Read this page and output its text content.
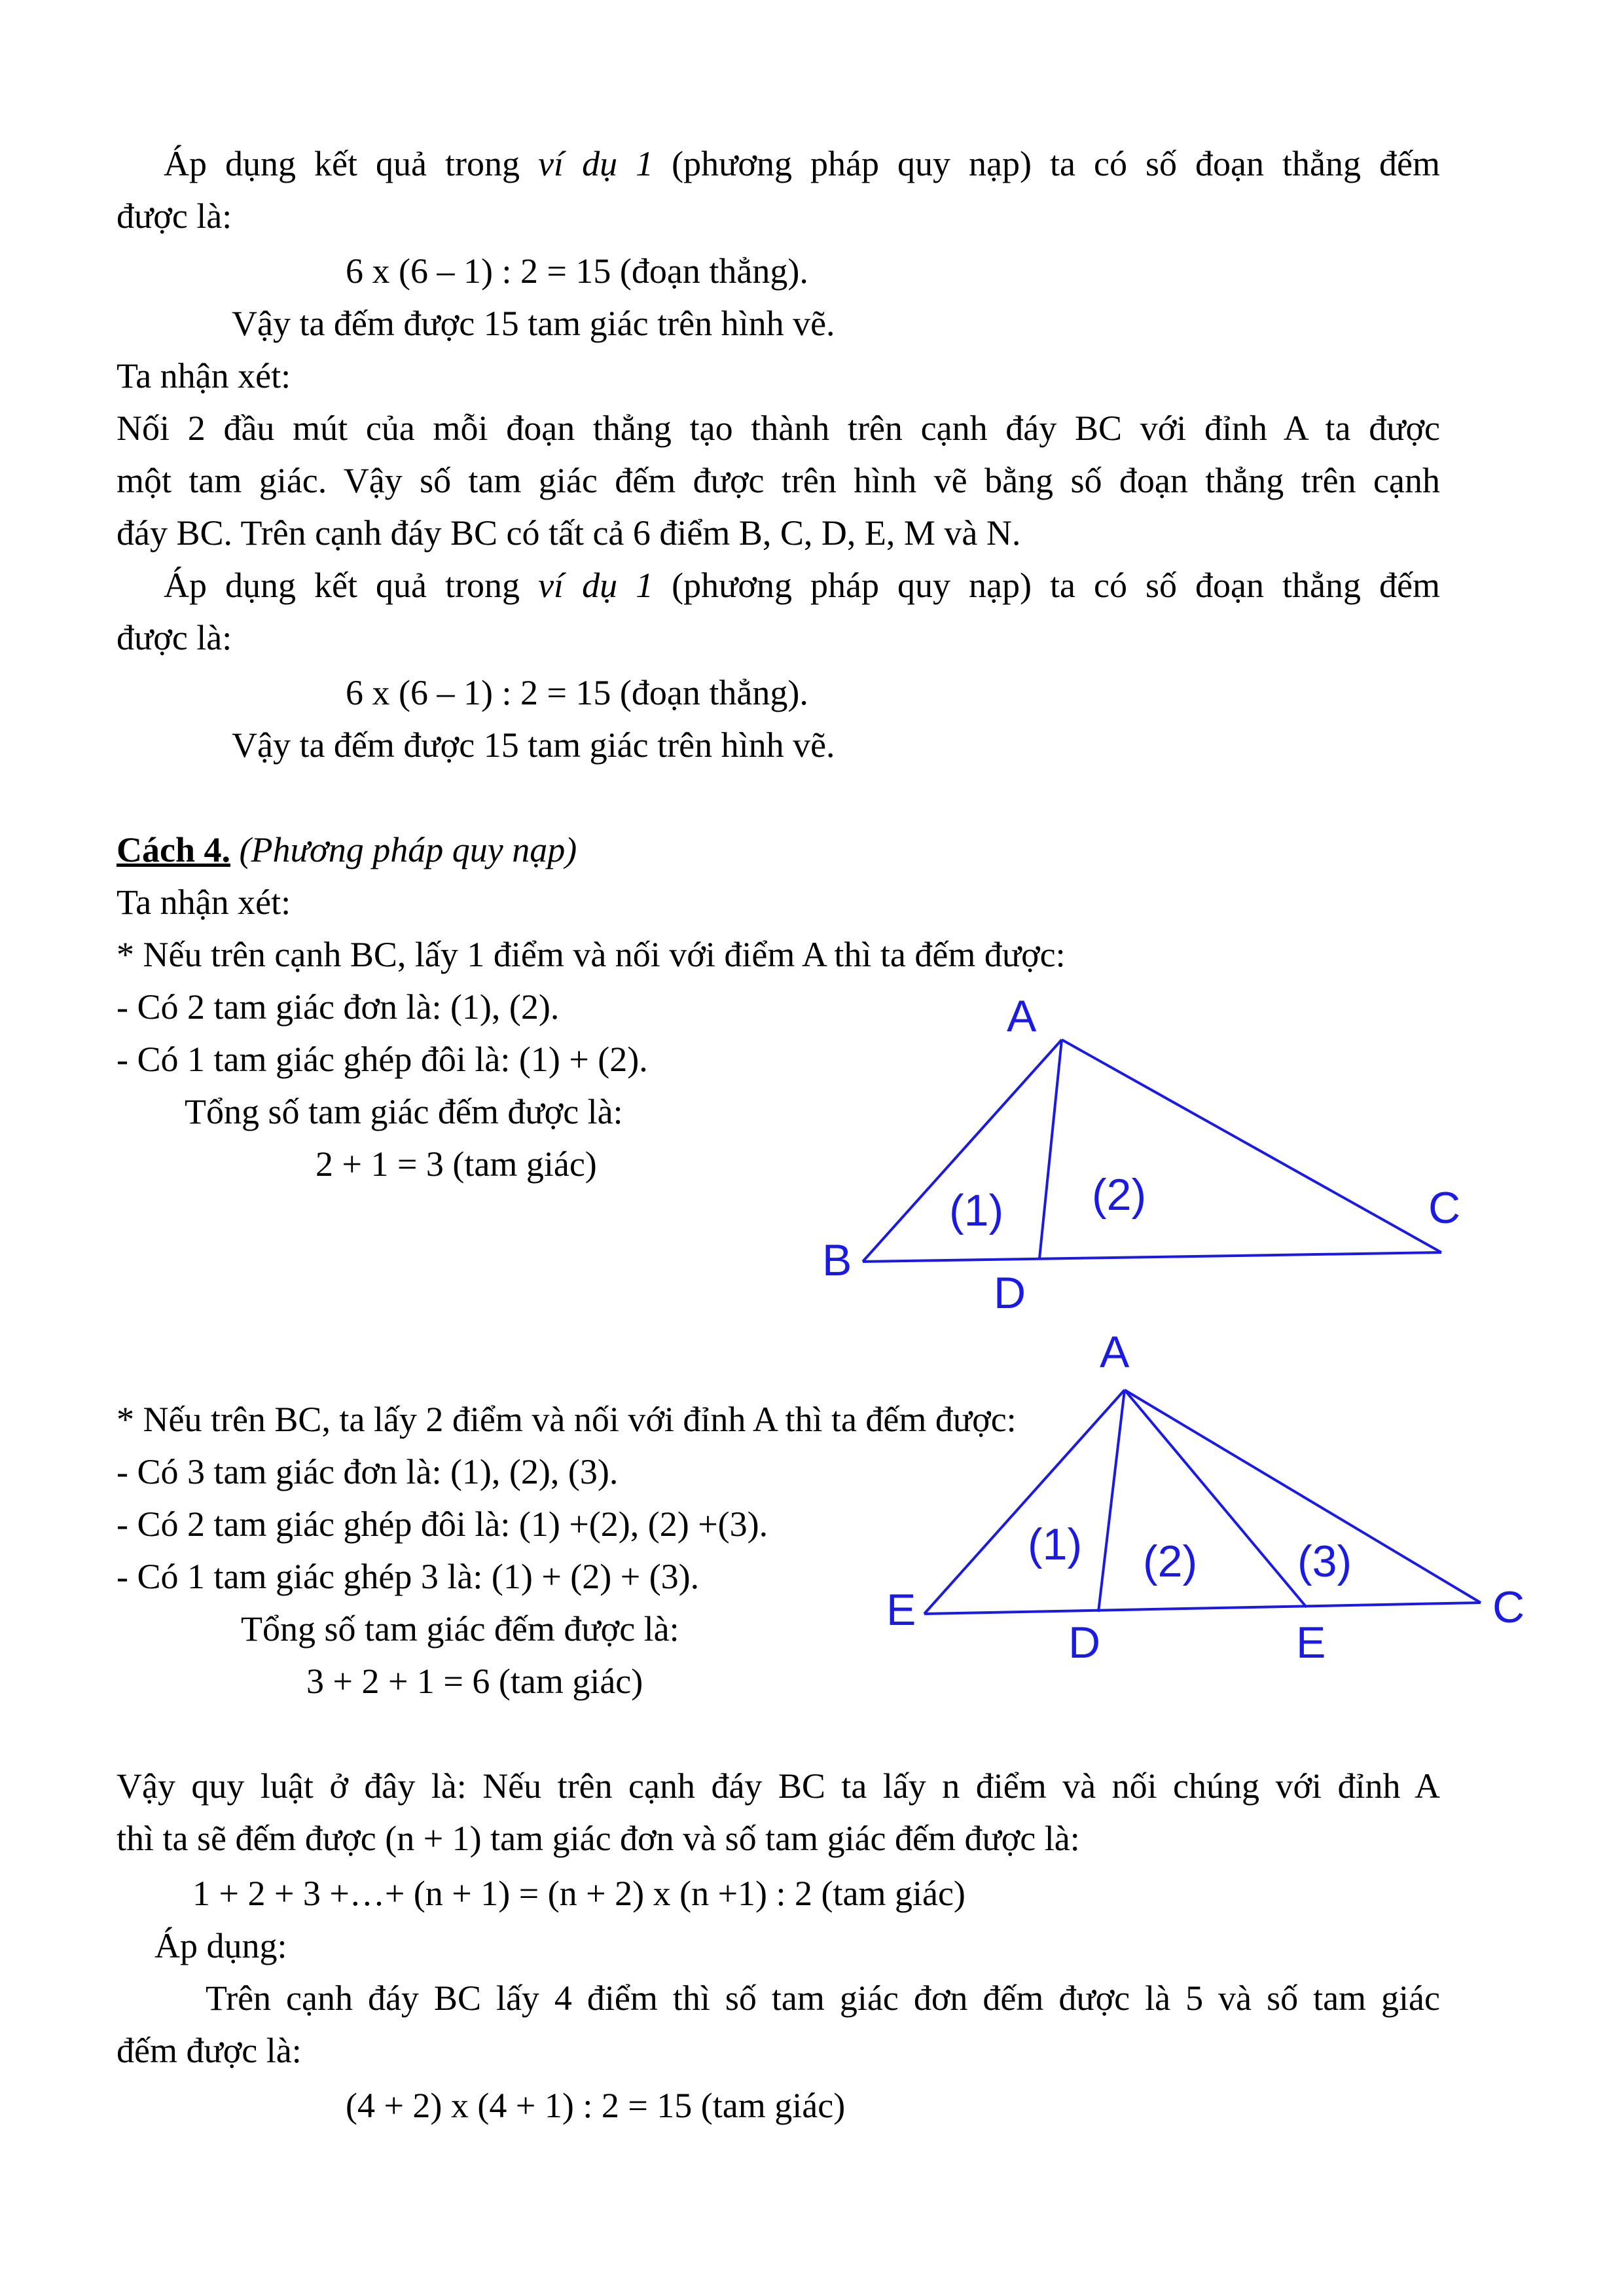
Áp dụng kết quả trong ví dụ 1 (phương pháp quy nạp) ta có số đoạn thẳng đếm

được là:

6 x (6 – 1) : 2 = 15 (đoạn thẳng).

Vậy ta đếm được 15 tam giác trên hình vẽ.

Ta nhận xét:

Nối 2 đầu mút của mỗi đoạn thẳng tạo thành trên cạnh đáy BC với đỉnh A ta được

một tam giác. Vậy số tam giác đếm được trên hình vẽ bằng số đoạn thẳng trên cạnh

đáy BC. Trên cạnh đáy BC có tất cả 6 điểm B, C, D, E, M và N.

Áp dụng kết quả trong ví dụ 1 (phương pháp quy nạp) ta có số đoạn thẳng đếm

được là:

6 x (6 – 1) : 2 = 15 (đoạn thẳng).

Vậy ta đếm được 15 tam giác trên hình vẽ.

Cách 4. (Phương pháp quy nạp)

Ta nhận xét:

* Nếu trên cạnh BC, lấy 1 điểm và nối với điểm A thì ta đếm được:

- Có 2 tam giác đơn là: (1), (2).

- Có 1 tam giác ghép đôi là: (1) + (2).

Tổng số tam giác đếm được là:

2 + 1 = 3 (tam giác)

A
B
C
D
(1) (2)

* Nếu trên BC, ta lấy 2 điểm và nối với đỉnh A thì ta đếm được:

- Có 3 tam giác đơn là: (1), (2), (3).

- Có 2 tam giác ghép đôi là: (1) +(2), (2) +(3).

- Có 1 tam giác ghép 3 là: (1) + (2) + (3).

Tổng số tam giác đếm được là:

3 + 2 + 1 = 6 (tam giác)

A
E	C
D	E
(1) (2) (3)

Vậy quy luật ở đây là: Nếu trên cạnh đáy BC ta lấy n điểm và nối chúng với đỉnh A

thì ta sẽ đếm được (n + 1) tam giác đơn và số tam giác đếm được là:

1 + 2 + 3 +…+ (n + 1) = (n + 2) x (n +1) : 2 (tam giác)

Áp dụng:

Trên cạnh đáy BC lấy 4 điểm thì số tam giác đơn đếm được là 5 và số tam giác

đếm được là:

(4 + 2) x (4 + 1) : 2 = 15 (tam giác)
